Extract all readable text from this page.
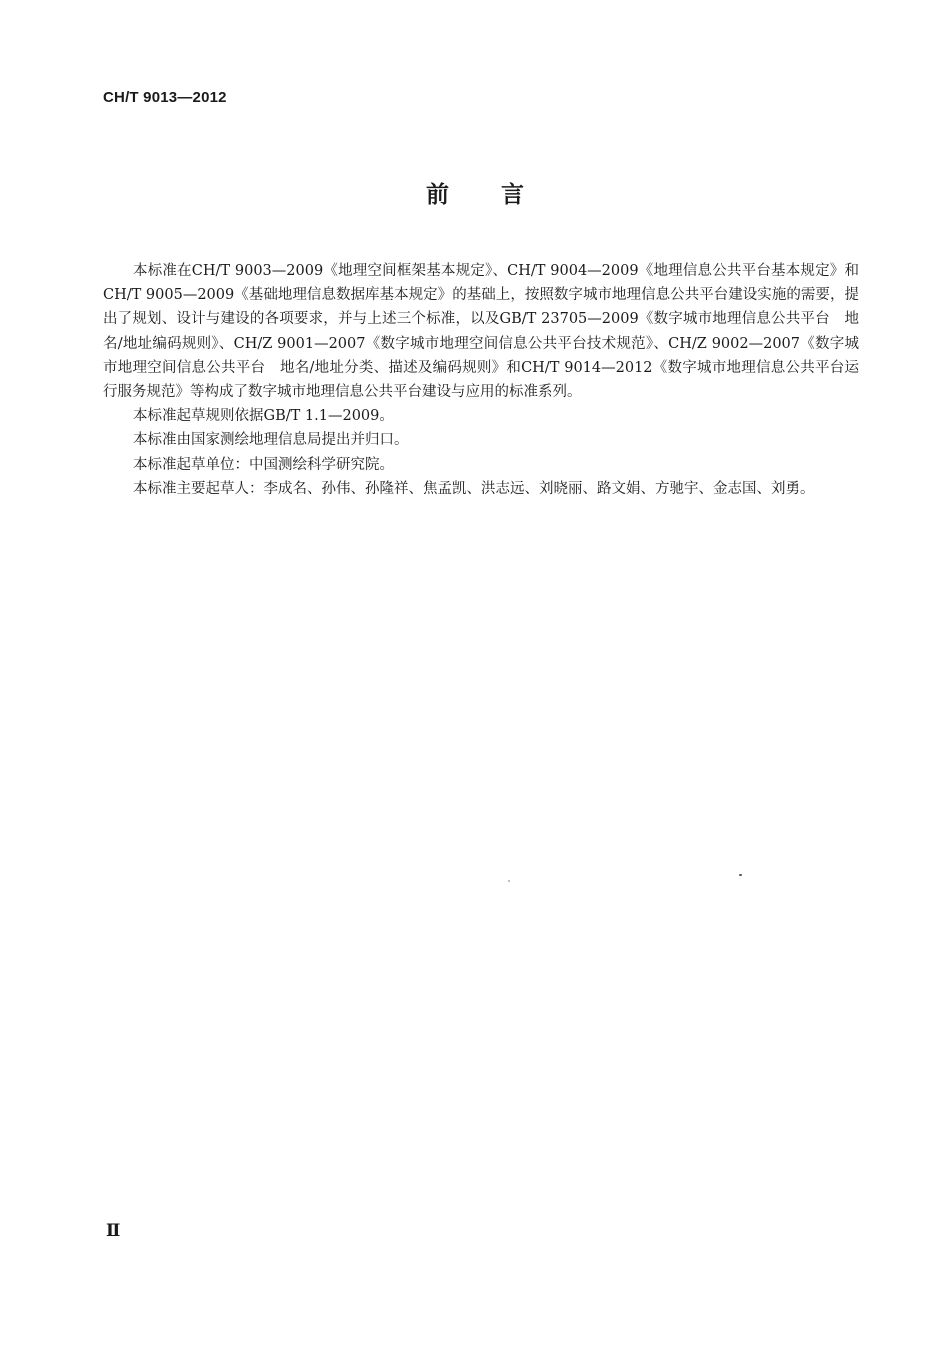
CH/T 9013—2012
前言

本标准在CH/T 9003—2009《地理空间框架基本规定》、CH/T 9004—2009《地理信息公共平台基本规定》和CH/T 9005—2009《基础地理信息数据库基本规定》的基础上，按照数字城市地理信息公共平台建设实施的需要，提出了规划、设计与建设的各项要求，并与上述三个标准，以及GB/T 23705—2009《数字城市地理信息公共平台　地名/地址编码规则》、CH/Z 9001—2007《数字城市地理空间信息公共平台技术规范》、CH/Z 9002—2007《数字城市地理空间信息公共平台　地名/地址分类、描述及编码规则》和CH/T 9014—2012《数字城市地理信息公共平台运行服务规范》等构成了数字城市地理信息公共平台建设与应用的标准系列。

本标准起草规则依据GB/T 1.1—2009。

本标准由国家测绘地理信息局提出并归口。

本标准起草单位：中国测绘科学研究院。

本标准主要起草人：李成名、孙伟、孙隆祥、焦孟凯、洪志远、刘晓丽、路文娟、方驰宇、金志国、刘勇。

Ⅱ
